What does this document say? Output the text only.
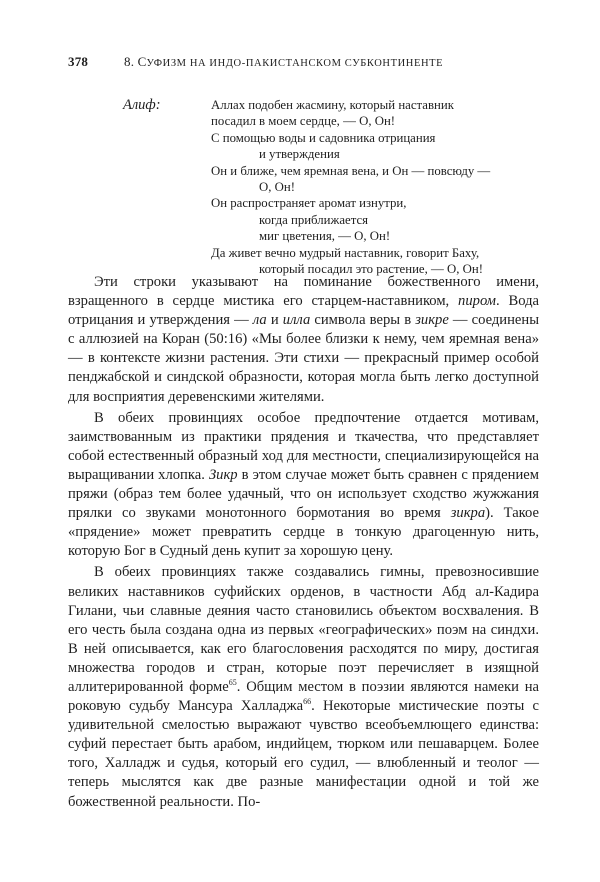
378	8. СУФИЗМ НА ИНДО-ПАКИСТАНСКОМ СУБКОНТИНЕНТЕ
Алиф:	Аллах подобен жасмину, который наставник
посадил в моем сердце, — О, Он!
С помощью воды и садовника отрицания
и утверждения
Он и ближе, чем яремная вена, и Он — повсюду —
О, Он!
Он распространяет аромат изнутри,
когда приближается
миг цветения, — О, Он!
Да живет вечно мудрый наставник, говорит Баху,
который посадил это растение, — О, Он!

Эти строки указывают на поминание божественного имени, взращенного в сердце мистика его старцем-наставником, пиром. Вода отрицания и утверждения — ла и илла символа веры в зикре — соединены с аллюзией на Коран (50:16) «Мы более близки к нему, чем яремная вена» — в контексте жизни растения. Эти стихи — прекрасный пример особой пенджабской и синдской образности, которая могла быть легко доступной для восприятия деревенскими жителями.

В обеих провинциях особое предпочтение отдается мотивам, заимствованным из практики прядения и ткачества, что представляет собой естественный образный ход для местности, специализирующейся на выращивании хлопка. Зикр в этом случае может быть сравнен с прядением пряжи (образ тем более удачный, что он использует сходство жужжания прялки со звуками монотонного бормотания во время зикра). Такое «прядение» может превратить сердце в тонкую драгоценную нить, которую Бог в Судный день купит за хорошую цену.

В обеих провинциях также создавались гимны, превозносившие великих наставников суфийских орденов, в частности Абд ал-Кадира Гилани, чьи славные деяния часто становились объектом восхваления. В его честь была создана одна из первых «географических» поэм на синдхи. В ней описывается, как его благословения расходятся по миру, достигая множества городов и стран, которые поэт перечисляет в изящной аллитерированной форме$^{65}$. Общим местом в поэзии являются намеки на роковую судьбу Мансура Халладжа$^{66}$. Некоторые мистические поэты с удивительной смелостью выражают чувство всеобъемлющего единства: суфий перестает быть арабом, индийцем, тюрком или пешаварцем. Более того, Халладж и судья, который его судил, — влюбленный и теолог — теперь мыслятся как две разные манифестации одной и той же божественной реальности. По-
